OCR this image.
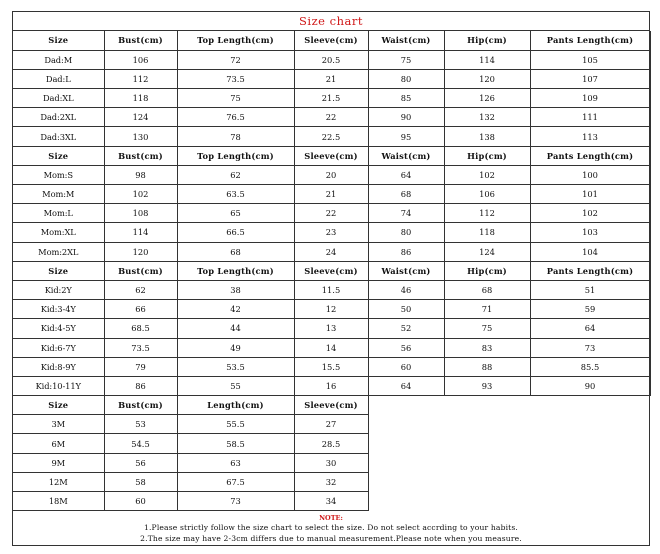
Size chart
Size	Bust(cm)	Top Length(cm)	Sleeve(cm)	Waist(cm)	Hip(cm)	Pants Length(cm)
Dad:M	106	72	20.5	75	114	105
Dad:L	112	73.5	21	80	120	107
Dad:XL	118	75	21.5	85	126	109
Dad:2XL	124	76.5	22	90	132	111
Dad:3XL	130	78	22.5	95	138	113
Size	Bust(cm)	Top Length(cm)	Sleeve(cm)	Waist(cm)	Hip(cm)	Pants Length(cm)
Mom:S	98	62	20	64	102	100
Mom:M	102	63.5	21	68	106	101
Mom:L	108	65	22	74	112	102
Mom:XL	114	66.5	23	80	118	103
Mom:2XL	120	68	24	86	124	104
Size	Bust(cm)	Top Length(cm)	Sleeve(cm)	Waist(cm)	Hip(cm)	Pants Length(cm)
Kid:2Y	62	38	11.5	46	68	51
Kid:3-4Y	66	42	12	50	71	59
Kid:4-5Y	68.5	44	13	52	75	64
Kid:6-7Y	73.5	49	14	56	83	73
Kid:8-9Y	79	53.5	15.5	60	88	85.5
Kid:10-11Y	86	55	16	64	93	90
Size	Bust(cm)	Length(cm)	Sleeve(cm)			
3M	53	55.5	27			
6M	54.5	58.5	28.5			
9M	56	63	30			
12M	58	67.5	32			
18M	60	73	34			
NOTE:
1.Please strictly follow the size chart to select the size. Do not select accrding to your habits.
2.The size may have 2-3cm differs due to manual measurement.Please note when you measure.
